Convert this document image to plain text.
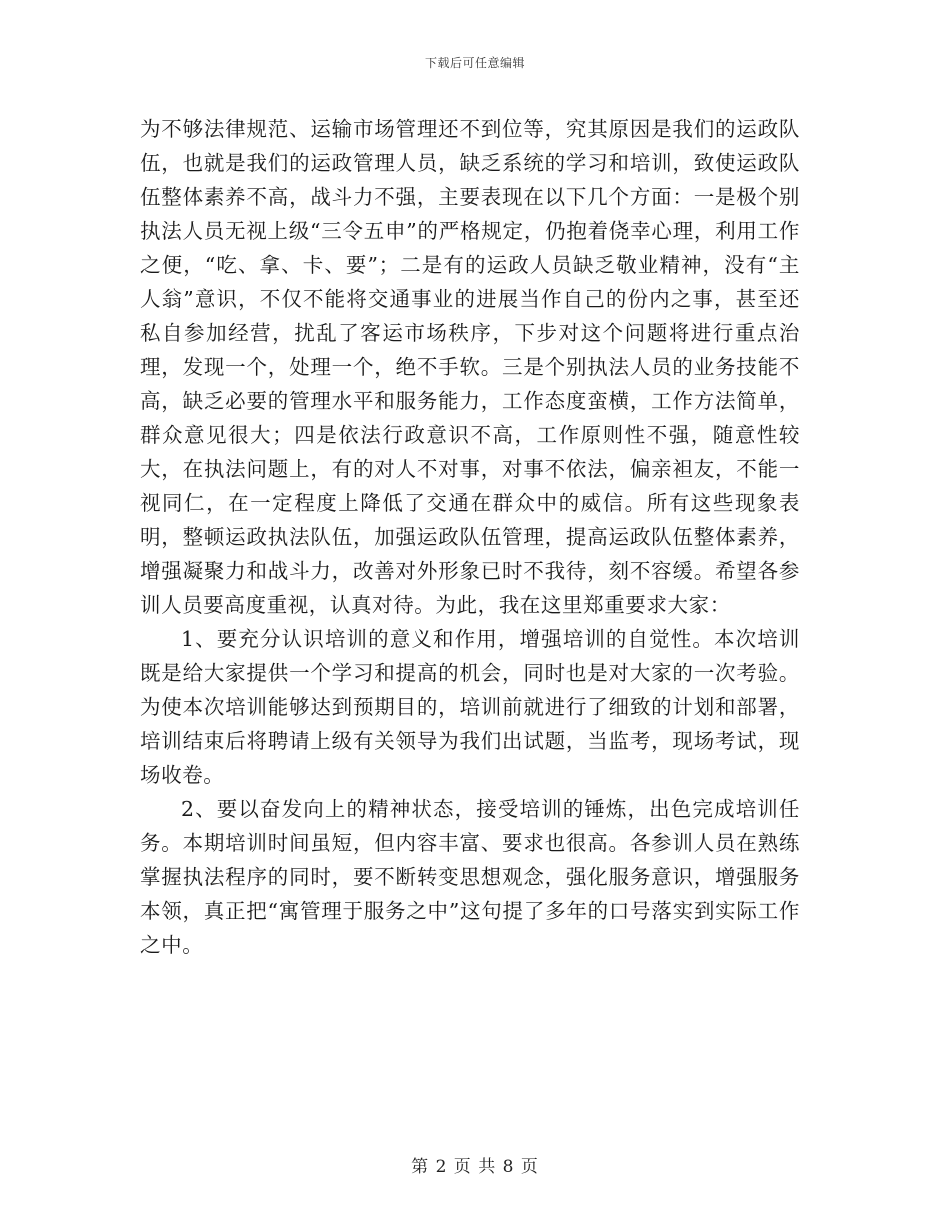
下载后可任意编辑

为不够法律规范、运输市场管理还不到位等，究其原因是我们的运政队伍，也就是我们的运政管理人员，缺乏系统的学习和培训，致使运政队伍整体素养不高，战斗力不强，主要表现在以下几个方面：一是极个别执法人员无视上级“三令五申”的严格规定，仍抱着侥幸心理，利用工作之便，“吃、拿、卡、要”；二是有的运政人员缺乏敬业精神，没有“主人翁”意识，不仅不能将交通事业的进展当作自己的份内之事，甚至还私自参加经营，扰乱了客运市场秩序，下步对这个问题将进行重点治理，发现一个，处理一个，绝不手软。三是个别执法人员的业务技能不高，缺乏必要的管理水平和服务能力，工作态度蛮横，工作方法简单，群众意见很大；四是依法行政意识不高，工作原则性不强，随意性较大，在执法问题上，有的对人不对事，对事不依法，偏亲袒友，不能一视同仁，在一定程度上降低了交通在群众中的威信。所有这些现象表明，整顿运政执法队伍，加强运政队伍管理，提高运政队伍整体素养，增强凝聚力和战斗力，改善对外形象已时不我待，刻不容缓。希望各参训人员要高度重视，认真对待。为此，我在这里郑重要求大家：

1、要充分认识培训的意义和作用，增强培训的自觉性。本次培训既是给大家提供一个学习和提高的机会，同时也是对大家的一次考验。为使本次培训能够达到预期目的，培训前就进行了细致的计划和部署，培训结束后将聘请上级有关领导为我们出试题，当监考，现场考试，现场收卷。

2、要以奋发向上的精神状态，接受培训的锤炼，出色完成培训任务。本期培训时间虽短，但内容丰富、要求也很高。各参训人员在熟练掌握执法程序的同时，要不断转变思想观念，强化服务意识，增强服务本领，真正把“寓管理于服务之中”这句提了多年的口号落实到实际工作之中。

第 2 页 共 8 页
